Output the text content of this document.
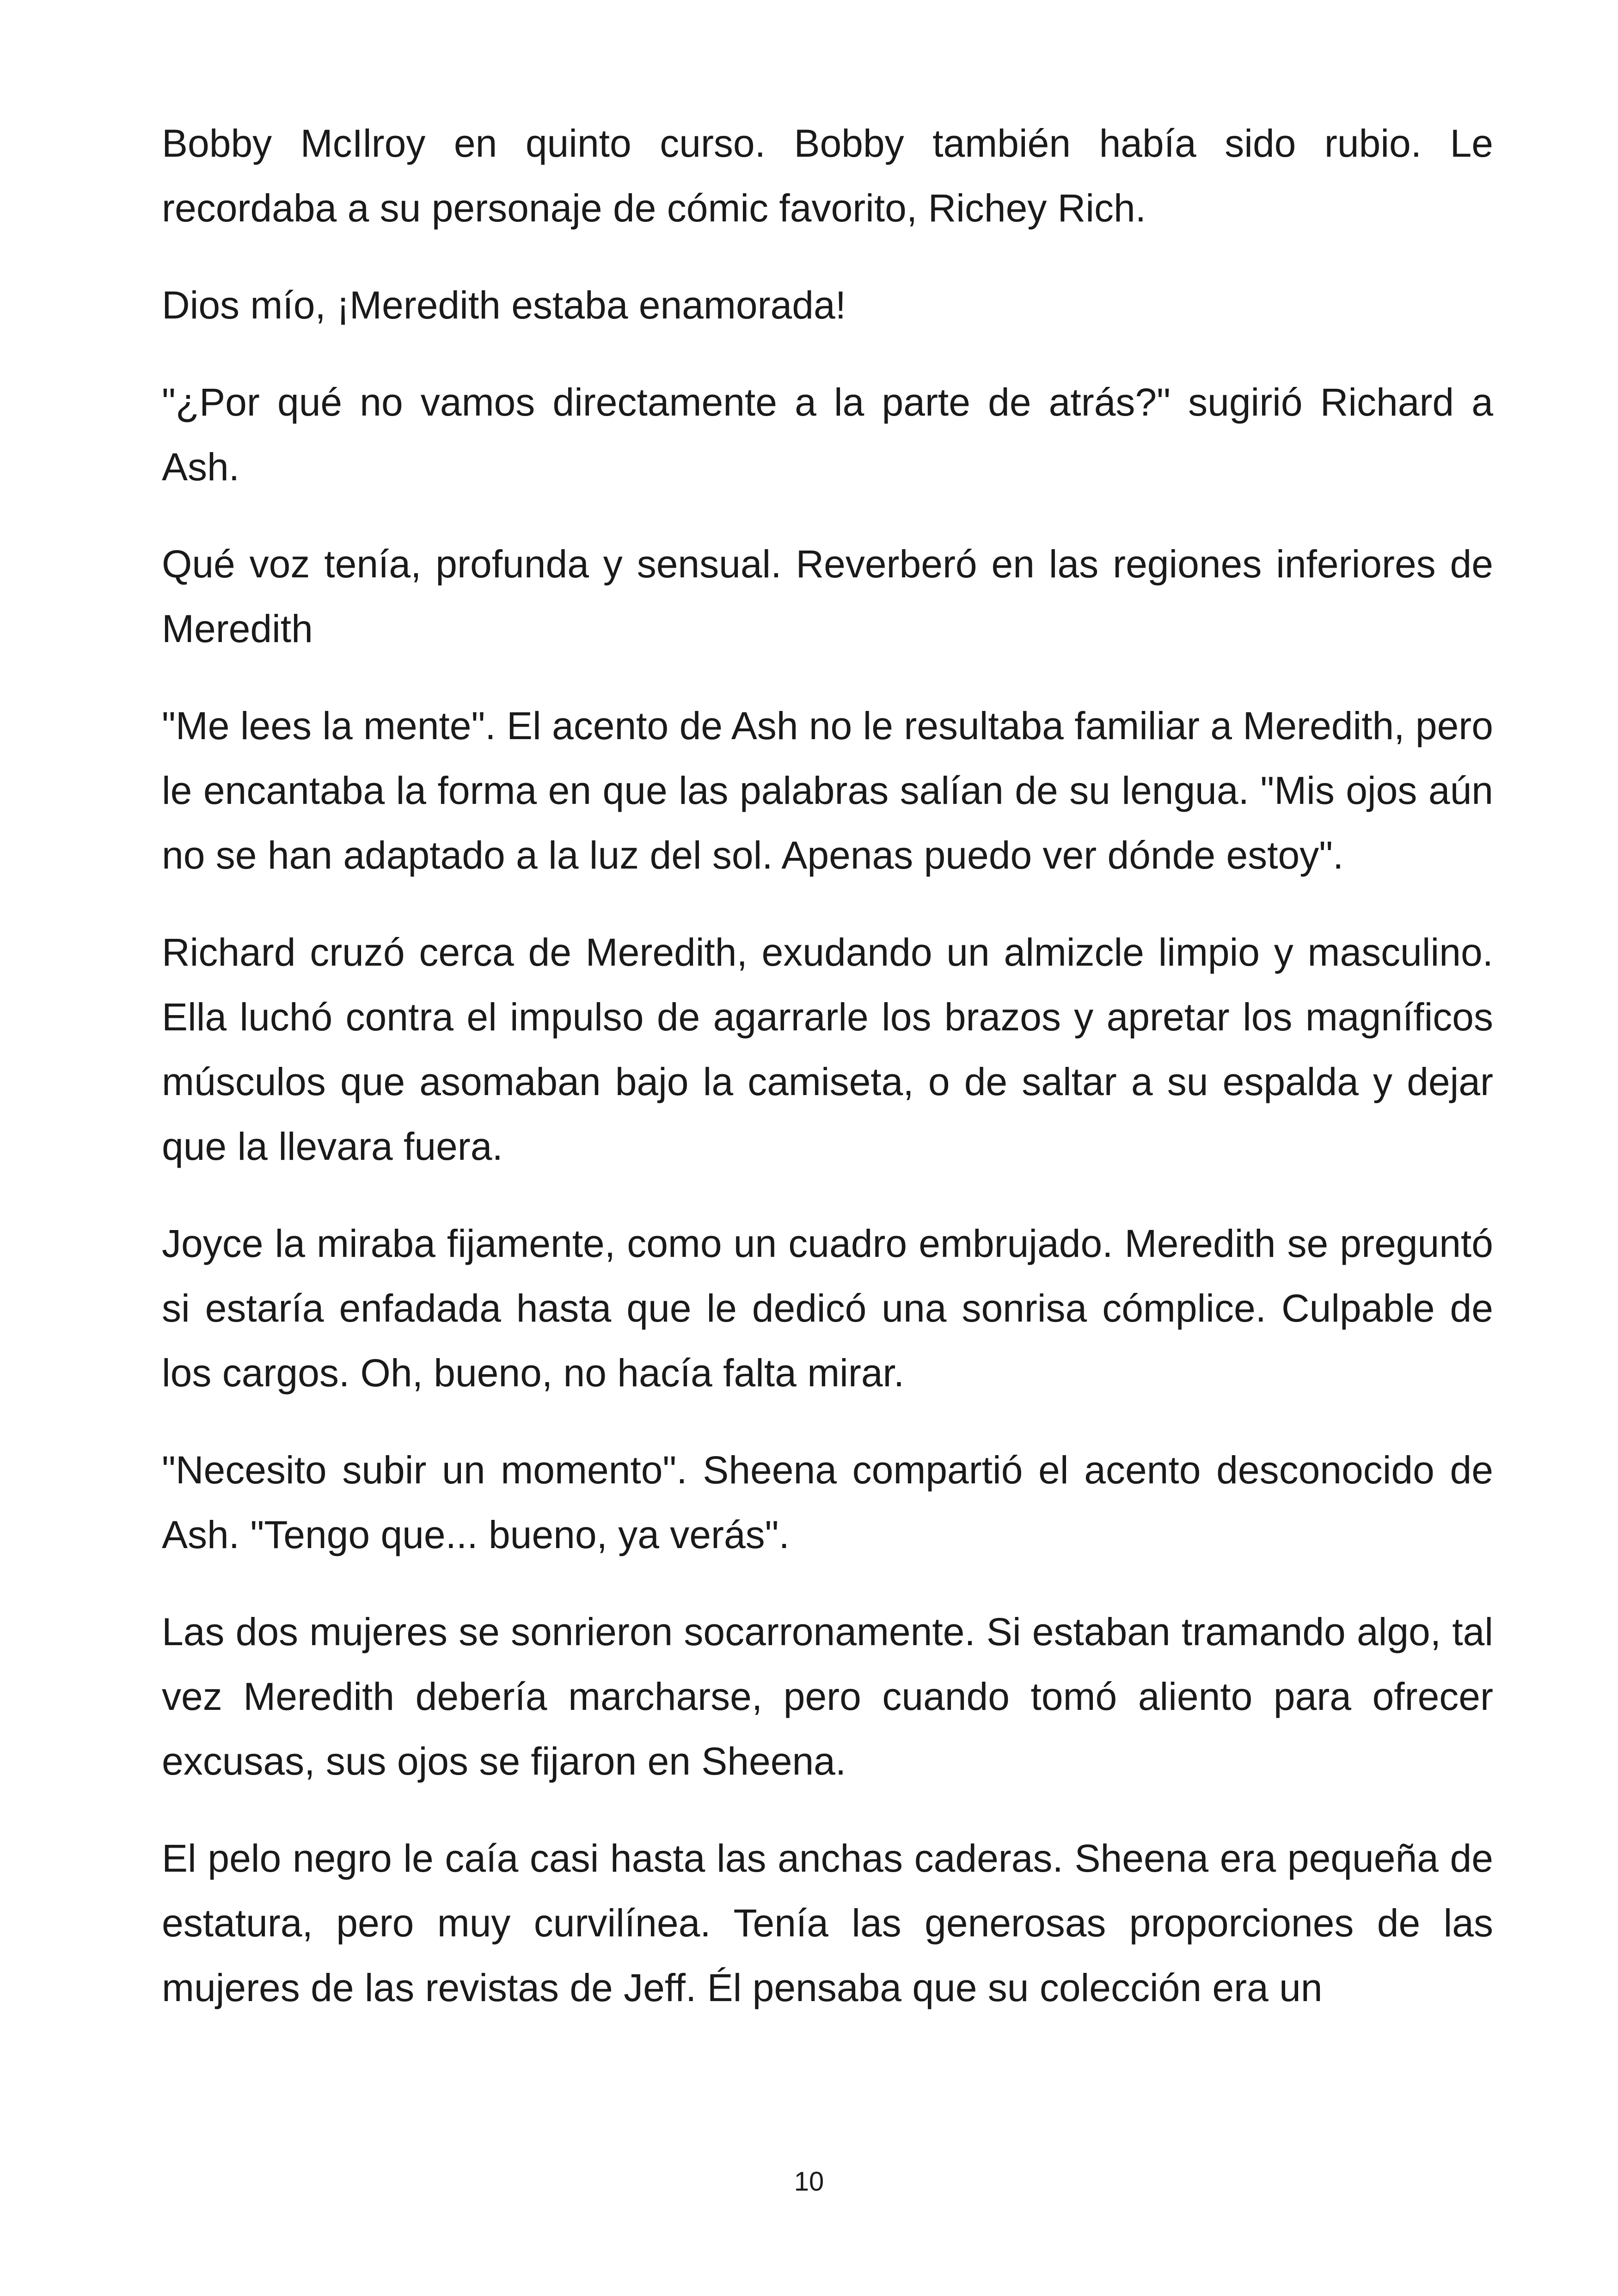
Bobby McIlroy en quinto curso. Bobby también había sido rubio. Le recordaba a su personaje de cómic favorito, Richey Rich.

Dios mío, ¡Meredith estaba enamorada!

"¿Por qué no vamos directamente a la parte de atrás?" sugirió Richard a Ash.

Qué voz tenía, profunda y sensual. Reverberó en las regiones inferiores de Meredith

"Me lees la mente". El acento de Ash no le resultaba familiar a Meredith, pero le encantaba la forma en que las palabras salían de su lengua. "Mis ojos aún no se han adaptado a la luz del sol. Apenas puedo ver dónde estoy".

Richard cruzó cerca de Meredith, exudando un almizcle limpio y masculino. Ella luchó contra el impulso de agarrarle los brazos y apretar los magníficos músculos que asomaban bajo la camiseta, o de saltar a su espalda y dejar que la llevara fuera.

Joyce la miraba fijamente, como un cuadro embrujado. Meredith se preguntó si estaría enfadada hasta que le dedicó una sonrisa cómplice. Culpable de los cargos. Oh, bueno, no hacía falta mirar.

"Necesito subir un momento". Sheena compartió el acento desconocido de Ash. "Tengo que... bueno, ya verás".

Las dos mujeres se sonrieron socarronamente. Si estaban tramando algo, tal vez Meredith debería marcharse, pero cuando tomó aliento para ofrecer excusas, sus ojos se fijaron en Sheena.

El pelo negro le caía casi hasta las anchas caderas. Sheena era pequeña de estatura, pero muy curvilínea. Tenía las generosas proporciones de las mujeres de las revistas de Jeff. Él pensaba que su colección era un

10
